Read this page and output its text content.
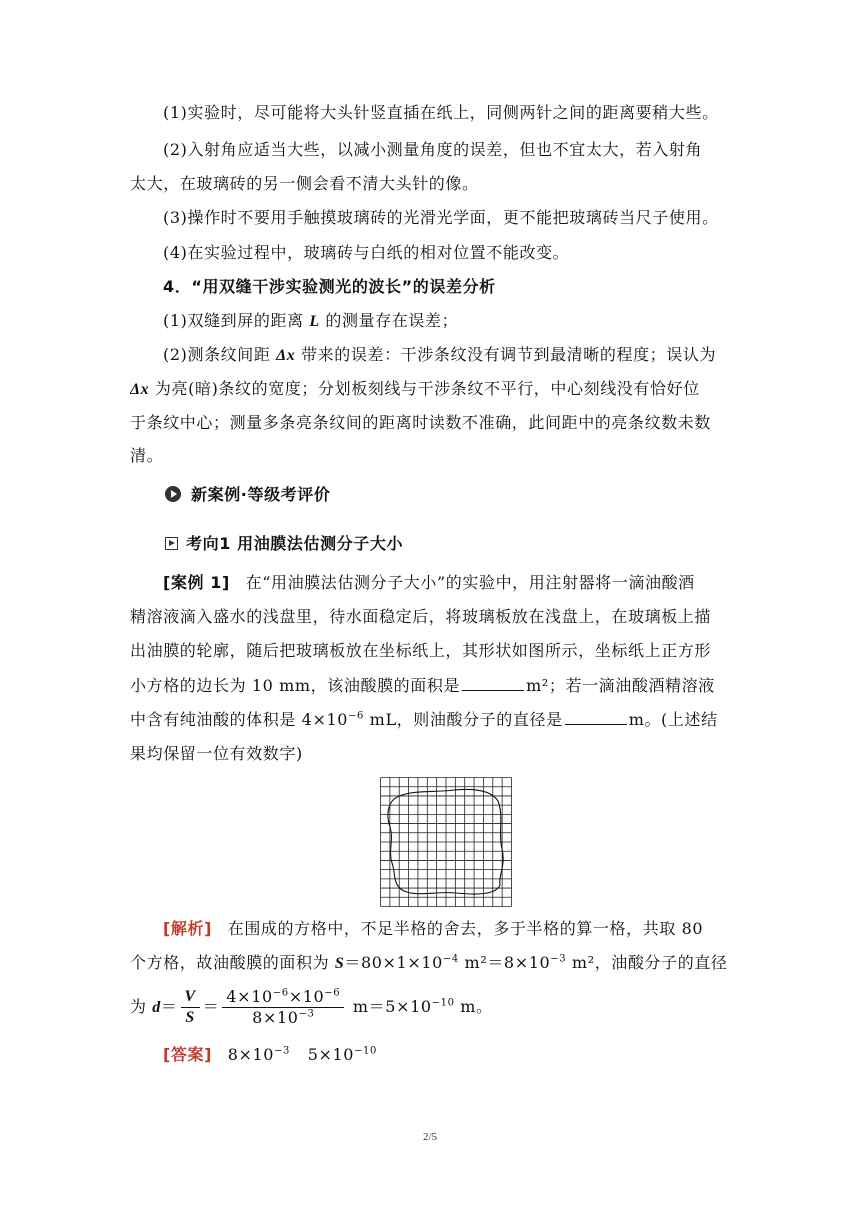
(1)实验时，尽可能将大头针竖直插在纸上，同侧两针之间的距离要稍大些。
(2)入射角应适当大些，以减小测量角度的误差，但也不宜太大，若入射角
太大，在玻璃砖的另一侧会看不清大头针的像。
(3)操作时不要用手触摸玻璃砖的光滑光学面，更不能把玻璃砖当尺子使用。
(4)在实验过程中，玻璃砖与白纸的相对位置不能改变。
4．“用双缝干涉实验测光的波长”的误差分析
(1)双缝到屏的距离 L 的测量存在误差；
(2)测条纹间距 Δx 带来的误差：干涉条纹没有调节到最清晰的程度；误认为
Δx 为亮(暗)条纹的宽度；分划板刻线与干涉条纹不平行，中心刻线没有恰好位
于条纹中心；测量多条亮条纹间的距离时读数不准确，此间距中的亮条纹数未数
清。
新案例·等级考评价
考向1 用油膜法估测分子大小
[案例 1] 在“用油膜法估测分子大小”的实验中，用注射器将一滴油酸酒
精溶液滴入盛水的浅盘里，待水面稳定后，将玻璃板放在浅盘上，在玻璃板上描
出油膜的轮廓，随后把玻璃板放在坐标纸上，其形状如图所示，坐标纸上正方形
小方格的边长为 10 mm，该油酸膜的面积是	m²；若一滴油酸酒精溶液
中含有纯油酸的体积是 $4\times 10^{-6}$ mL，则油酸分子的直径是	m。(上述结
果均保留一位有效数字)
[解析] 在围成的方格中，不足半格的舍去，多于半格的算一格，共取 80
个方格，故油酸膜的面积为 $S=80\times 1\times 10^{-4}$ $m^2=8\times 10^{-3}$ m²，油酸分子的直径
为 $d= \frac{V}{S} = \frac{4\times 10^{-6}\times 10^{-6}}{8\times 10^{-3}} m=5\times 10^{-10}$ m。
[答案] $8\times 10^{-3}$ $5\times 10^{-10}$
2/5
